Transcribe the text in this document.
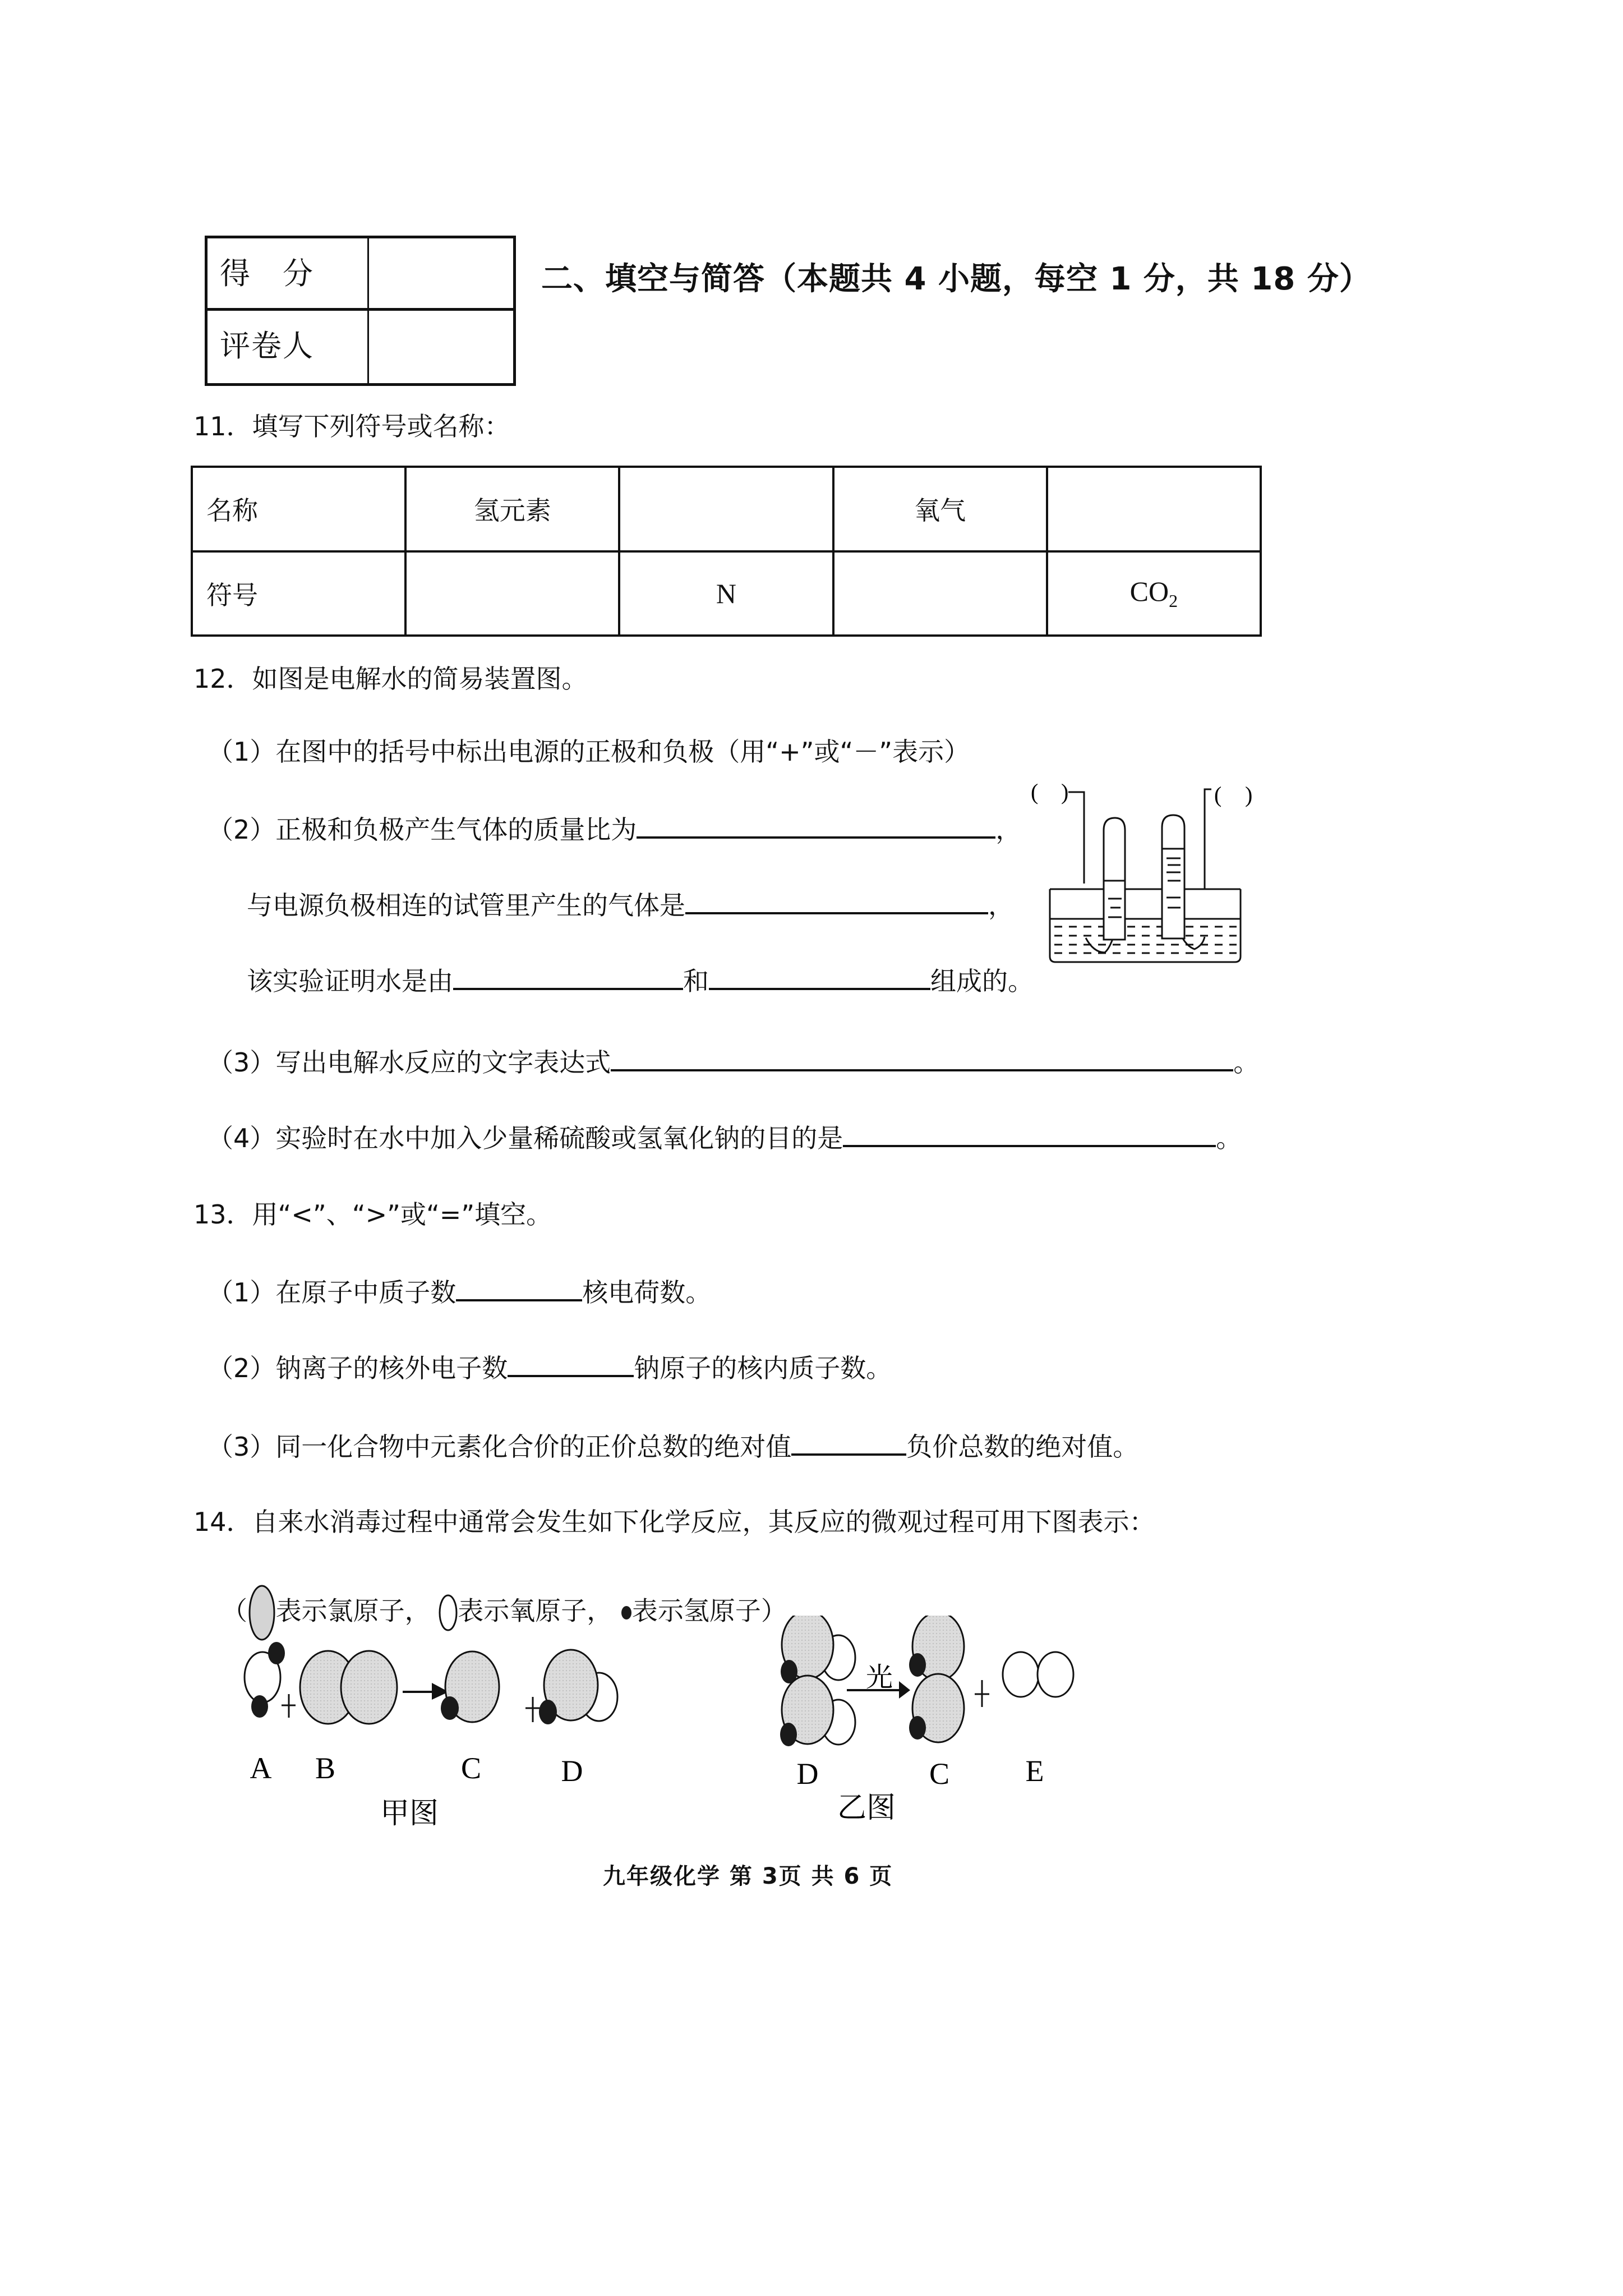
得　分
评卷人
二、填空与简答（本题共 4 小题，每空 1 分，共 18 分）
11．填写下列符号或名称：
名称	氢元素		氧气	
符号		N		$CO_2$
12．如图是电解水的简易装置图。
（1）在图中的括号中标出电源的正极和负极（用“+”或“－”表示）
（2）正极和负极产生气体的质量比为	，
与电源负极相连的试管里产生的气体是	，
该实验证明水是由	和	组成的。
( )	( )
（3）写出电解水反应的文字表达式	。
（4）实验时在水中加入少量稀硫酸或氢氧化钠的目的是	。
13．用“<”、“>”或“=”填空。
（1）在原子中质子数	核电荷数。
（2）钠离子的核外电子数	钠原子的核内质子数。
（3）同一化合物中元素化合价的正价总数的绝对值	负价总数的绝对值。
14．自来水消毒过程中通常会发生如下化学反应，其反应的微观过程可用下图表示：
（ 表示氯原子， 表示氧原子， 表示氢原子）
A B	C	D
甲图
光
D	C	E
乙图
九年级化学 第 3页 共 6 页
